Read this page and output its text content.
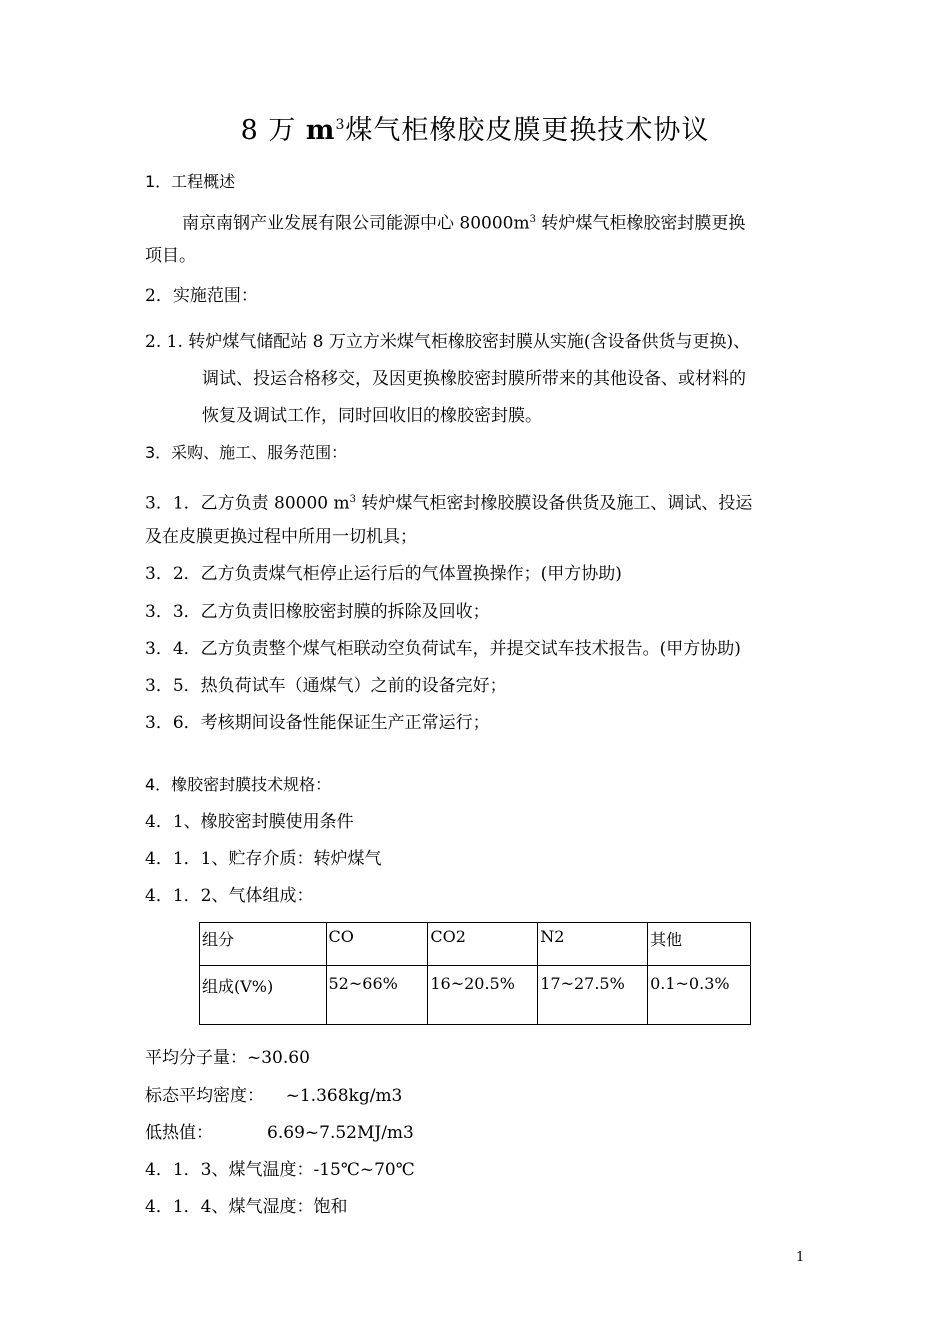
8 万 $m^3$煤气柜橡胶皮膜更换技术协议
1．工程概述
南京南钢产业发展有限公司能源中心 $80000m^3$ 转炉煤气柜橡胶密封膜更换
项目。
2．实施范围：
2. 1. 转炉煤气储配站 8 万立方米煤气柜橡胶密封膜从实施(含设备供货与更换)、
调试、投运合格移交，及因更换橡胶密封膜所带来的其他设备、或材料的
恢复及调试工作，同时回收旧的橡胶密封膜。
3．采购、施工、服务范围：
3．1．乙方负责 80000 $m^3$ 转炉煤气柜密封橡胶膜设备供货及施工、调试、投运
及在皮膜更换过程中所用一切机具；
3．2．乙方负责煤气柜停止运行后的气体置换操作；(甲方协助)
3．3．乙方负责旧橡胶密封膜的拆除及回收；
3．4．乙方负责整个煤气柜联动空负荷试车，并提交试车技术报告。(甲方协助)
3．5．热负荷试车（通煤气）之前的设备完好；
3．6．考核期间设备性能保证生产正常运行；
4．橡胶密封膜技术规格：
4．1、橡胶密封膜使用条件
4．1．1、贮存介质：转炉煤气
4．1．2、气体组成：
组分	CO	CO2	N2	其他
组成(V%)	52~66%	16~20.5%	17~27.5%	0.1~0.3%
平均分子量：~30.60
标态平均密度：    ~1.368kg/m3
低热值：          6.69~7.52MJ/m3
4．1．3、煤气温度：-15℃~70℃
4．1．4、煤气湿度：饱和
1
